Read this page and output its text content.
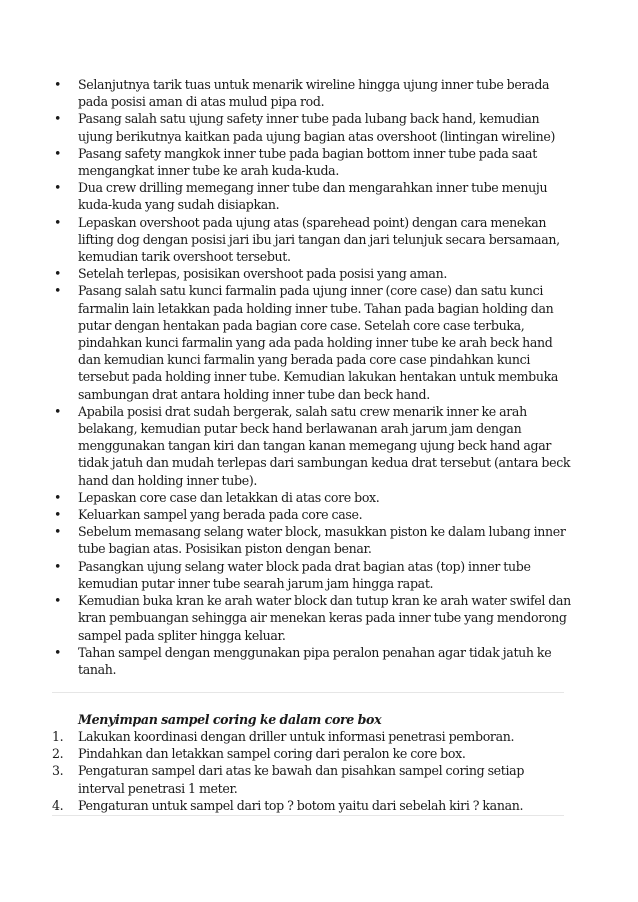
• Selanjutnya tarik tuas untuk menarik wireline hingga ujung inner tube berada pada posisi aman di atas mulud pipa rod.
• Pasang salah satu ujung safety inner tube pada lubang back hand, kemudian ujung berikutnya kaitkan pada ujung bagian atas overshoot (lintingan wireline)
• Pasang safety mangkok inner tube pada bagian bottom inner tube pada saat mengangkat inner tube ke arah kuda-kuda.
• Dua crew drilling memegang inner tube dan mengarahkan inner tube menuju kuda-kuda yang sudah disiapkan.
• Lepaskan overshoot pada ujung atas (sparehead point) dengan cara menekan lifting dog dengan posisi jari ibu jari tangan dan jari telunjuk secara bersamaan, kemudian tarik overshoot tersebut.
• Setelah terlepas, posisikan overshoot pada posisi yang aman.
• Pasang salah satu kunci farmalin pada ujung inner (core case) dan satu kunci farmalin lain letakkan pada holding inner tube. Tahan pada bagian holding dan putar dengan hentakan pada bagian core case. Setelah core case terbuka, pindahkan kunci farmalin yang ada pada holding inner tube ke arah beck hand dan kemudian kunci farmalin yang berada pada core case pindahkan kunci tersebut pada holding inner tube. Kemudian lakukan hentakan untuk membuka sambungan drat antara holding inner tube dan beck hand.
• Apabila posisi drat sudah bergerak, salah satu crew menarik inner ke arah belakang, kemudian putar beck hand berlawanan arah jarum jam dengan menggunakan tangan kiri dan tangan kanan memegang ujung beck hand agar tidak jatuh dan mudah terlepas dari sambungan kedua drat tersebut (antara beck hand dan holding inner tube).
• Lepaskan core case dan letakkan di atas core box.
• Keluarkan sampel yang berada pada core case.
• Sebelum memasang selang water block, masukkan piston ke dalam lubang inner tube bagian atas. Posisikan piston dengan benar.
• Pasangkan ujung selang water block pada drat bagian atas (top) inner tube kemudian putar inner tube searah jarum jam hingga rapat.
• Kemudian buka kran ke arah water block dan tutup kran ke arah water swifel dan kran pembuangan sehingga air menekan keras pada inner tube yang mendorong sampel pada spliter hingga keluar.
• Tahan sampel dengan menggunakan pipa peralon penahan agar tidak jatuh ke tanah.

Menyimpan sampel coring ke dalam core box

1. Lakukan koordinasi dengan driller untuk informasi penetrasi pemboran.
2. Pindahkan dan letakkan sampel coring dari peralon ke core box.
3. Pengaturan sampel dari atas ke bawah dan pisahkan sampel coring setiap interval penetrasi 1 meter.
4. Pengaturan untuk sampel dari top ? botom yaitu dari sebelah kiri ? kanan.
